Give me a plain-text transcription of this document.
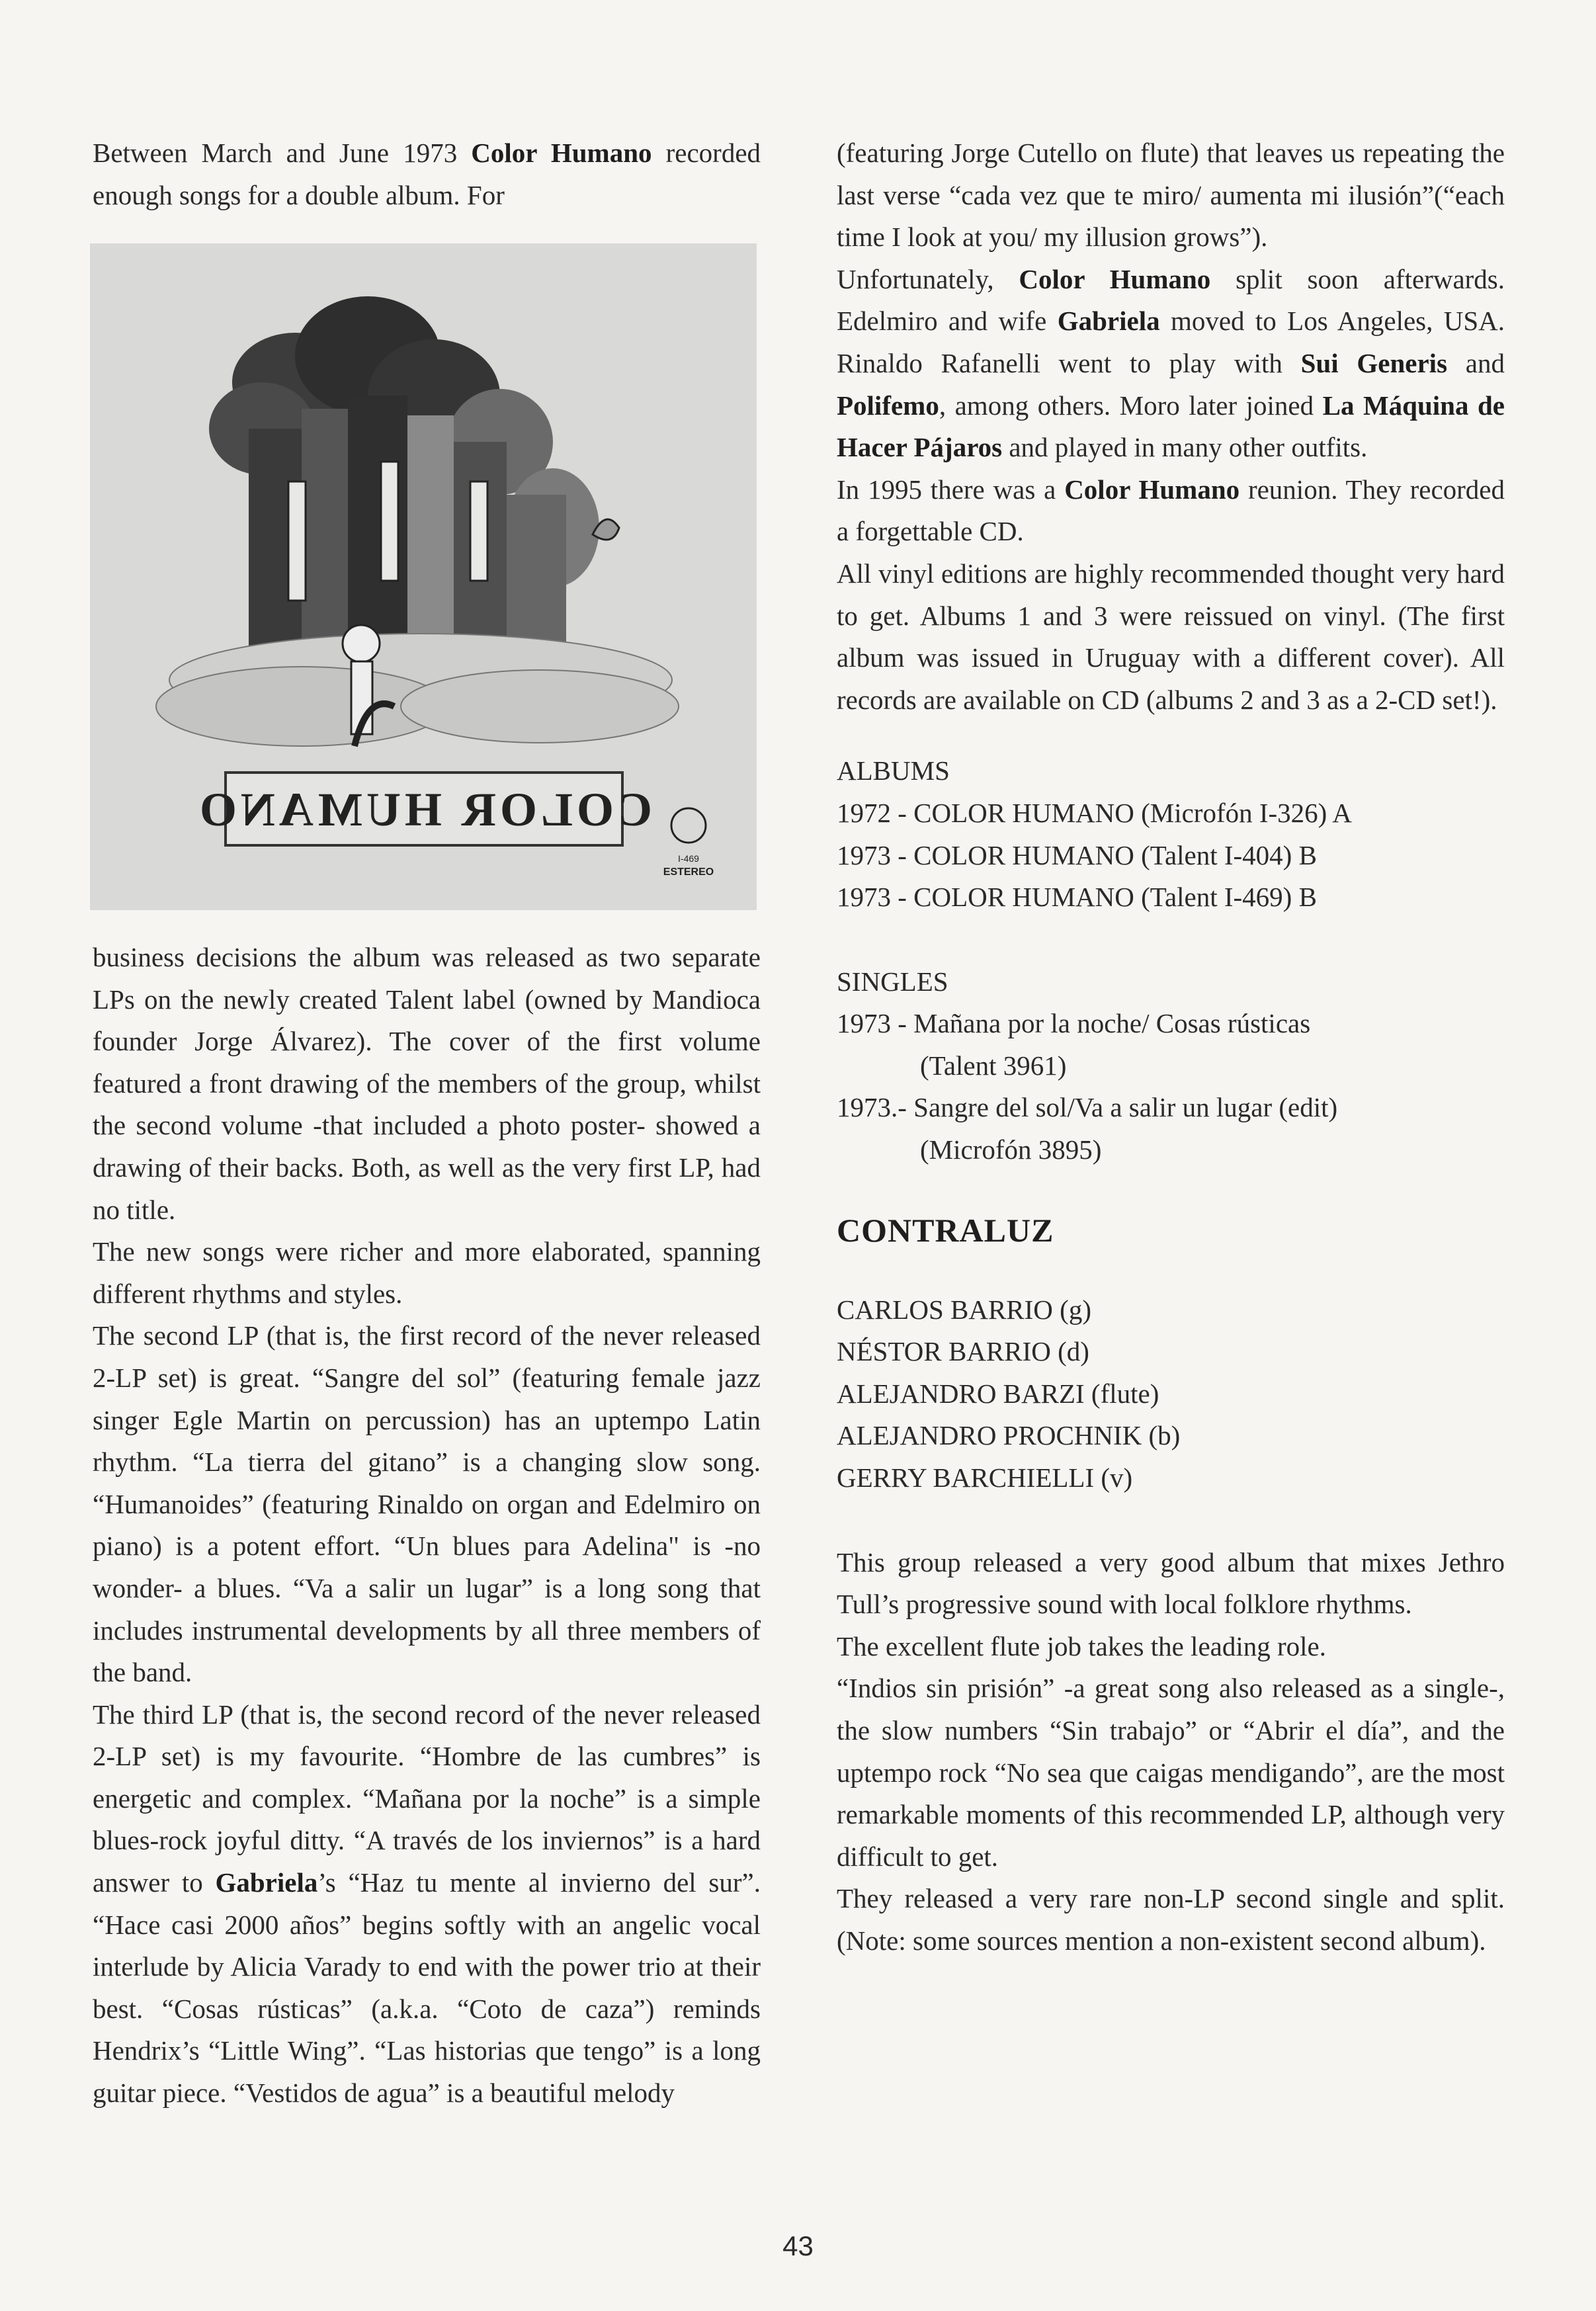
Between March and June 1973 Color Humano recorded enough songs for a double album. For

COLOR HUMANO
I-469
ESTEREO

business decisions the album was released as two separate LPs on the newly created Talent label (owned by Mandioca founder Jorge Álvarez). The cover of the first volume featured a front drawing of the members of the group, whilst the second volume -that included a photo poster- showed a drawing of their backs. Both, as well as the very first LP, had no title.

The new songs were richer and more elaborated, spanning different rhythms and styles.

The second LP (that is, the first record of the never released 2-LP set) is great. “Sangre del sol” (featuring female jazz singer Egle Martin on percussion) has an uptempo Latin rhythm. “La tierra del gitano” is a changing slow song. “Humanoides” (featuring Rinaldo on organ and Edelmiro on piano) is a potent effort. “Un blues para Adelina" is -no wonder- a blues. “Va a salir un lugar” is a long song that includes instrumental developments by all three members of the band.

The third LP (that is, the second record of the never released 2-LP set) is my favourite. “Hombre de las cumbres” is energetic and complex. “Mañana por la noche” is a simple blues-rock joyful ditty. “A través de los inviernos” is a hard answer to Gabriela’s “Haz tu mente al invierno del sur”. “Hace casi 2000 años” begins softly with an angelic vocal interlude by Alicia Varady to end with the power trio at their best. “Cosas rústicas” (a.k.a. “Coto de caza”) reminds Hendrix’s “Little Wing”. “Las historias que tengo” is a long guitar piece. “Vestidos de agua” is a beautiful melody

(featuring Jorge Cutello on flute) that leaves us repeating the last verse “cada vez que te miro/ aumenta mi ilusión”(“each time I look at you/ my illusion grows”).

Unfortunately, Color Humano split soon afterwards. Edelmiro and wife Gabriela moved to Los Angeles, USA. Rinaldo Rafanelli went to play with Sui Generis and Polifemo, among others. Moro later joined La Máquina de Hacer Pájaros and played in many other outfits.

In 1995 there was a Color Humano reunion. They recorded a forgettable CD.

All vinyl editions are highly recommended thought very hard to get. Albums 1 and 3 were reissued on vinyl. (The first album was issued in Uruguay with a different cover). All records are available on CD (albums 2 and 3 as a 2-CD set!).

ALBUMS

1972 - COLOR HUMANO (Microfón I-326) A

1973 - COLOR HUMANO (Talent I-404) B

1973 - COLOR HUMANO (Talent I-469) B

SINGLES

1973 - Mañana por la noche/ Cosas rústicas

(Talent 3961)

1973.- Sangre del sol/Va a salir un lugar (edit)

(Microfón 3895)

CONTRALUZ

CARLOS BARRIO (g)

NÉSTOR BARRIO (d)

ALEJANDRO BARZI (flute)

ALEJANDRO PROCHNIK (b)

GERRY BARCHIELLI (v)

This group released a very good album that mixes Jethro Tull’s progressive sound with local folklore rhythms.

The excellent flute job takes the leading role.

“Indios sin prisión” -a great song also released as a single-, the slow numbers “Sin trabajo” or “Abrir el día”, and the uptempo rock “No sea que caigas mendigando”, are the most remarkable moments of this recommended LP, although very difficult to get.

They released a very rare non-LP second single and split. (Note: some sources mention a non-existent second album).

43
